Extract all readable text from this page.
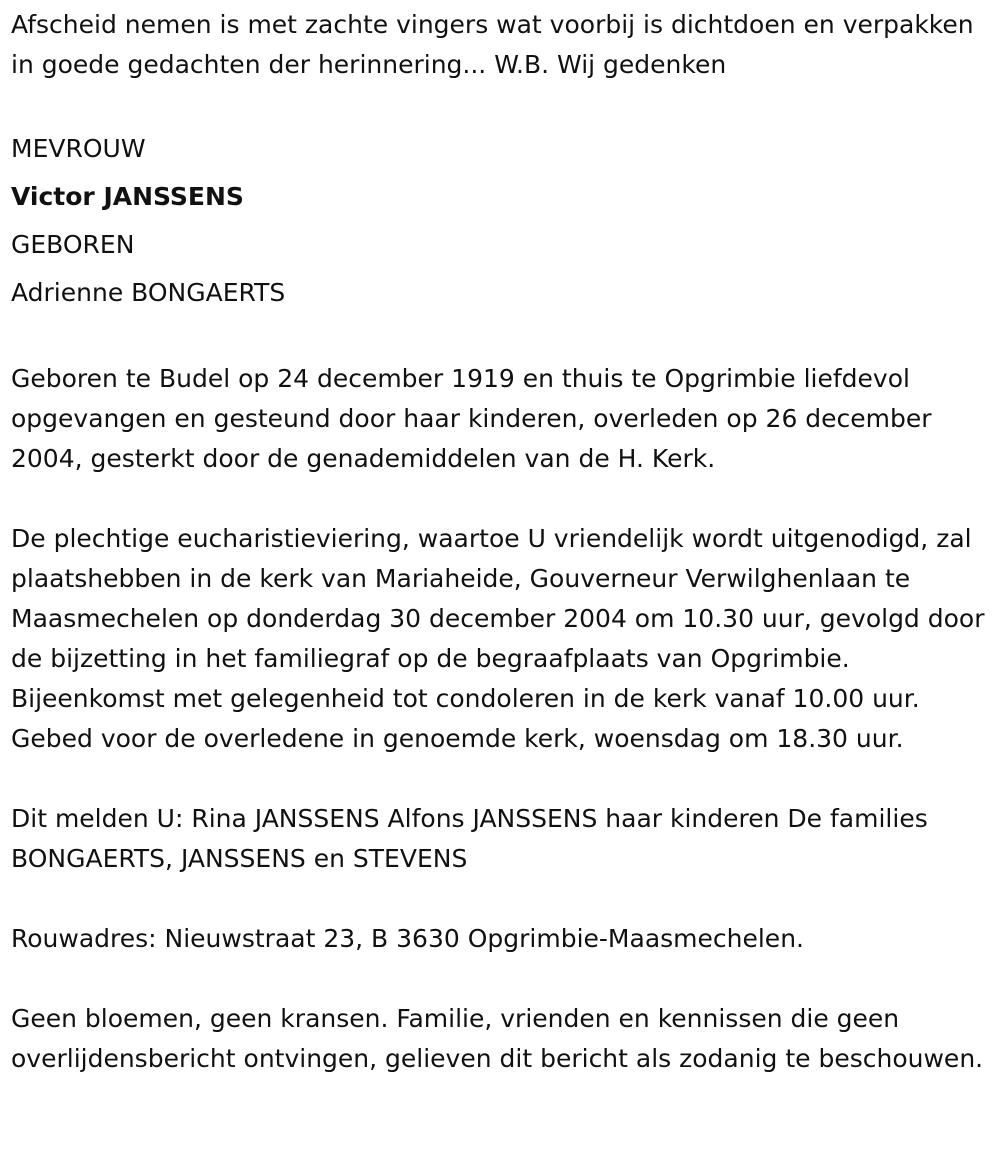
Afscheid nemen is met zachte vingers wat voorbij is dichtdoen en verpakken in goede gedachten der herinnering... W.B. Wij gedenken

MEVROUW
Victor JANSSENS
GEBOREN
Adrienne BONGAERTS

Geboren te Budel op 24 december 1919 en thuis te Opgrimbie liefdevol opgevangen en gesteund door haar kinderen, overleden op 26 december 2004, gesterkt door de genademiddelen van de H. Kerk.

De plechtige eucharistieviering, waartoe U vriendelijk wordt uitgenodigd, zal plaatshebben in de kerk van Mariaheide, Gouverneur Verwilghenlaan te Maasmechelen op donderdag 30 december 2004 om 10.30 uur, gevolgd door de bijzetting in het familiegraf op de begraafplaats van Opgrimbie. Bijeenkomst met gelegenheid tot condoleren in de kerk vanaf 10.00 uur. Gebed voor de overledene in genoemde kerk, woensdag om 18.30 uur.

Dit melden U: Rina JANSSENS Alfons JANSSENS haar kinderen De families BONGAERTS, JANSSENS en STEVENS

Rouwadres: Nieuwstraat 23, B 3630 Opgrimbie-Maasmechelen.

Geen bloemen, geen kransen. Familie, vrienden en kennissen die geen overlijdensbericht ontvingen, gelieven dit bericht als zodanig te beschouwen.
